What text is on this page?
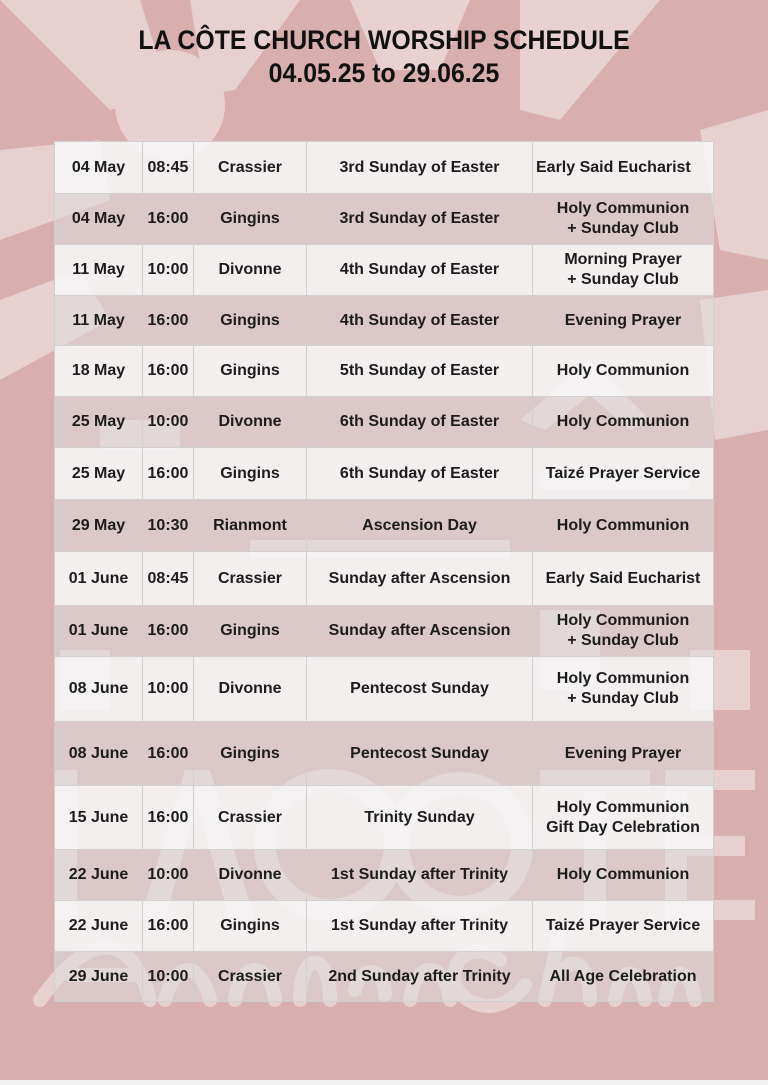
LA CÔTE CHURCH WORSHIP SCHEDULE
04.05.25 to 29.06.25
04 May	08:45	Crassier	3rd Sunday of Easter	Early Said Eucharist
04 May	16:00	Gingins	3rd Sunday of Easter	Holy Communion
+ Sunday Club
11 May	10:00	Divonne	4th Sunday of Easter	Morning Prayer
+ Sunday Club
11 May	16:00	Gingins	4th Sunday of Easter	Evening Prayer
18 May	16:00	Gingins	5th Sunday of Easter	Holy Communion
25 May	10:00	Divonne	6th Sunday of Easter	Holy Communion
25 May	16:00	Gingins	6th Sunday of Easter	Taizé Prayer Service
29 May	10:30	Rianmont	Ascension Day	Holy Communion
01 June	08:45	Crassier	Sunday after Ascension	Early Said Eucharist
01 June	16:00	Gingins	Sunday after Ascension	Holy Communion
+ Sunday Club
08 June	10:00	Divonne	Pentecost Sunday	Holy Communion
+ Sunday Club
08 June	16:00	Gingins	Pentecost Sunday	Evening Prayer
15 June	16:00	Crassier	Trinity Sunday	Holy Communion
Gift Day Celebration
22 June	10:00	Divonne	1st Sunday after Trinity	Holy Communion
22 June	16:00	Gingins	1st Sunday after Trinity	Taizé Prayer Service
29 June	10:00	Crassier	2nd Sunday after Trinity	All Age Celebration
